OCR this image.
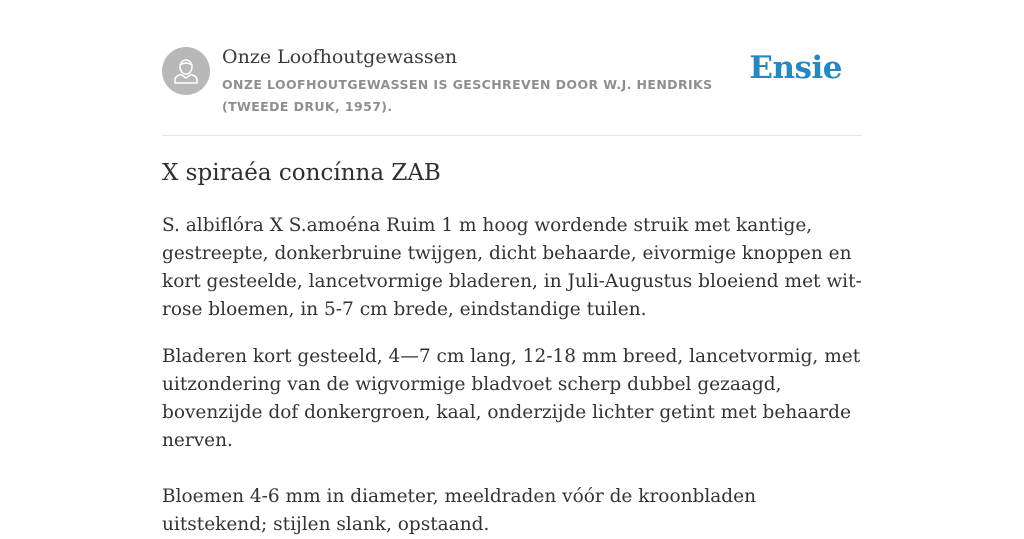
Onze Loofhoutgewassen
ONZE LOOFHOUTGEWASSEN IS GESCHREVEN DOOR W.J. HENDRIKS (TWEEDE DRUK, 1957).
Ensie
X spiraéa concínna ZAB

S. albiflóra X S.amoéna Ruim 1 m hoog wordende struik met kantige, gestreepte, donkerbruine twijgen, dicht behaarde, eivormige knoppen en kort gesteelde, lancetvormige bladeren, in Juli-Augustus bloeiend met wit-rose bloemen, in 5-7 cm brede, eindstandige tuilen.

Bladeren kort gesteeld, 4—7 cm lang, 12-18 mm breed, lancetvormig, met uitzondering van de wigvormige bladvoet scherp dubbel gezaagd, bovenzijde dof donkergroen, kaal, onderzijde lichter getint met behaarde nerven.

Bloemen 4-6 mm in diameter, meeldraden vóór de kroonbladen uitstekend; stijlen slank, opstaand.
